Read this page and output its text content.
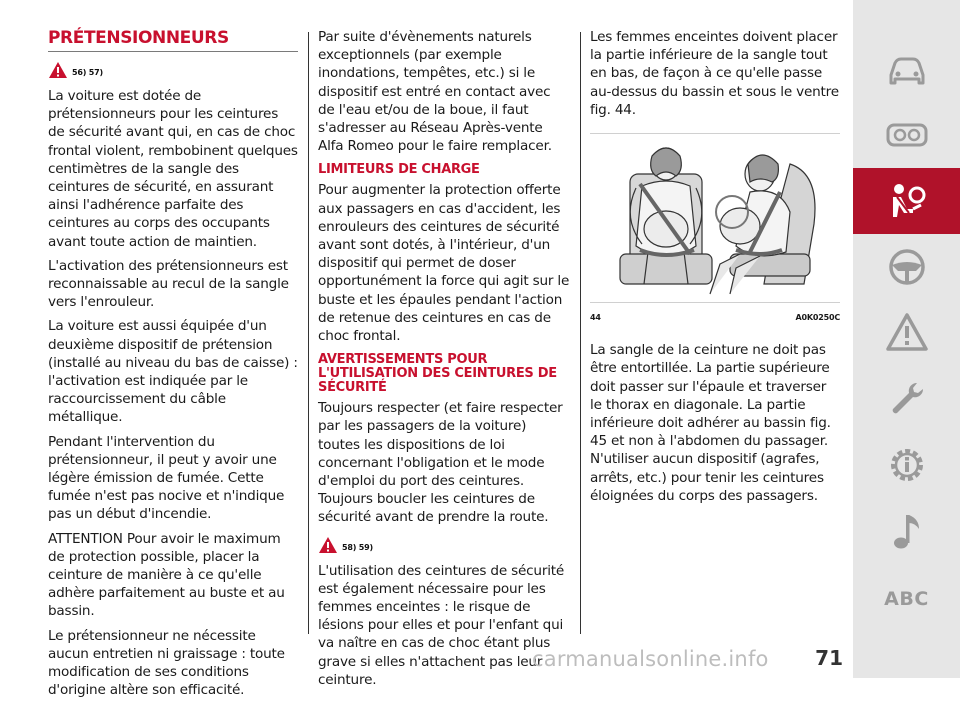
PRÉTENSIONNEURS
56) 57)

La voiture est dotée de prétensionneurs pour les ceintures de sécurité avant qui, en cas de choc frontal violent, rembobinent quelques centimètres de la sangle des ceintures de sécurité, en assurant ainsi l'adhérence parfaite des ceintures au corps des occupants avant toute action de maintien.

L'activation des prétensionneurs est reconnaissable au recul de la sangle vers l'enrouleur.

La voiture est aussi équipée d'un deuxième dispositif de prétension (installé au niveau du bas de caisse) : l'activation est indiquée par le raccourcissement du câble métallique.

Pendant l'intervention du prétensionneur, il peut y avoir une légère émission de fumée. Cette fumée n'est pas nocive et n'indique pas un début d'incendie.

ATTENTION Pour avoir le maximum de protection possible, placer la ceinture de manière à ce qu'elle adhère parfaitement au buste et au bassin.

Le prétensionneur ne nécessite aucun entretien ni graissage : toute modification de ses conditions d'origine altère son efficacité.

Par suite d'évènements naturels exceptionnels (par exemple inondations, tempêtes, etc.) si le dispositif est entré en contact avec de l'eau et/ou de la boue, il faut s'adresser au Réseau Après-vente Alfa Romeo pour le faire remplacer.

LIMITEURS DE CHARGE

Pour augmenter la protection offerte aux passagers en cas d'accident, les enrouleurs des ceintures de sécurité avant sont dotés, à l'intérieur, d'un dispositif qui permet de doser opportunément la force qui agit sur le buste et les épaules pendant l'action de retenue des ceintures en cas de choc frontal.

AVERTISSEMENTS POUR L'UTILISATION DES CEINTURES DE SÉCURITÉ

Toujours respecter (et faire respecter par les passagers de la voiture) toutes les dispositions de loi concernant l'obligation et le mode d'emploi du port des ceintures. Toujours boucler les ceintures de sécurité avant de prendre la route.

58) 59)

L'utilisation des ceintures de sécurité est également nécessaire pour les femmes enceintes : le risque de lésions pour elles et pour l'enfant qui va naître en cas de choc étant plus grave si elles n'attachent pas leur ceinture.

Les femmes enceintes doivent placer la partie inférieure de la sangle tout en bas, de façon à ce qu'elle passe au-dessus du bassin et sous le ventre fig. 44.

44	A0K0250C

La sangle de la ceinture ne doit pas être entortillée. La partie supérieure doit passer sur l'épaule et traverser le thorax en diagonale. La partie inférieure doit adhérer au bassin fig. 45 et non à l'abdomen du passager. N'utiliser aucun dispositif (agrafes, arrêts, etc.) pour tenir les ceintures éloignées du corps des passagers.

ABC
carmanualsonline.info 71
